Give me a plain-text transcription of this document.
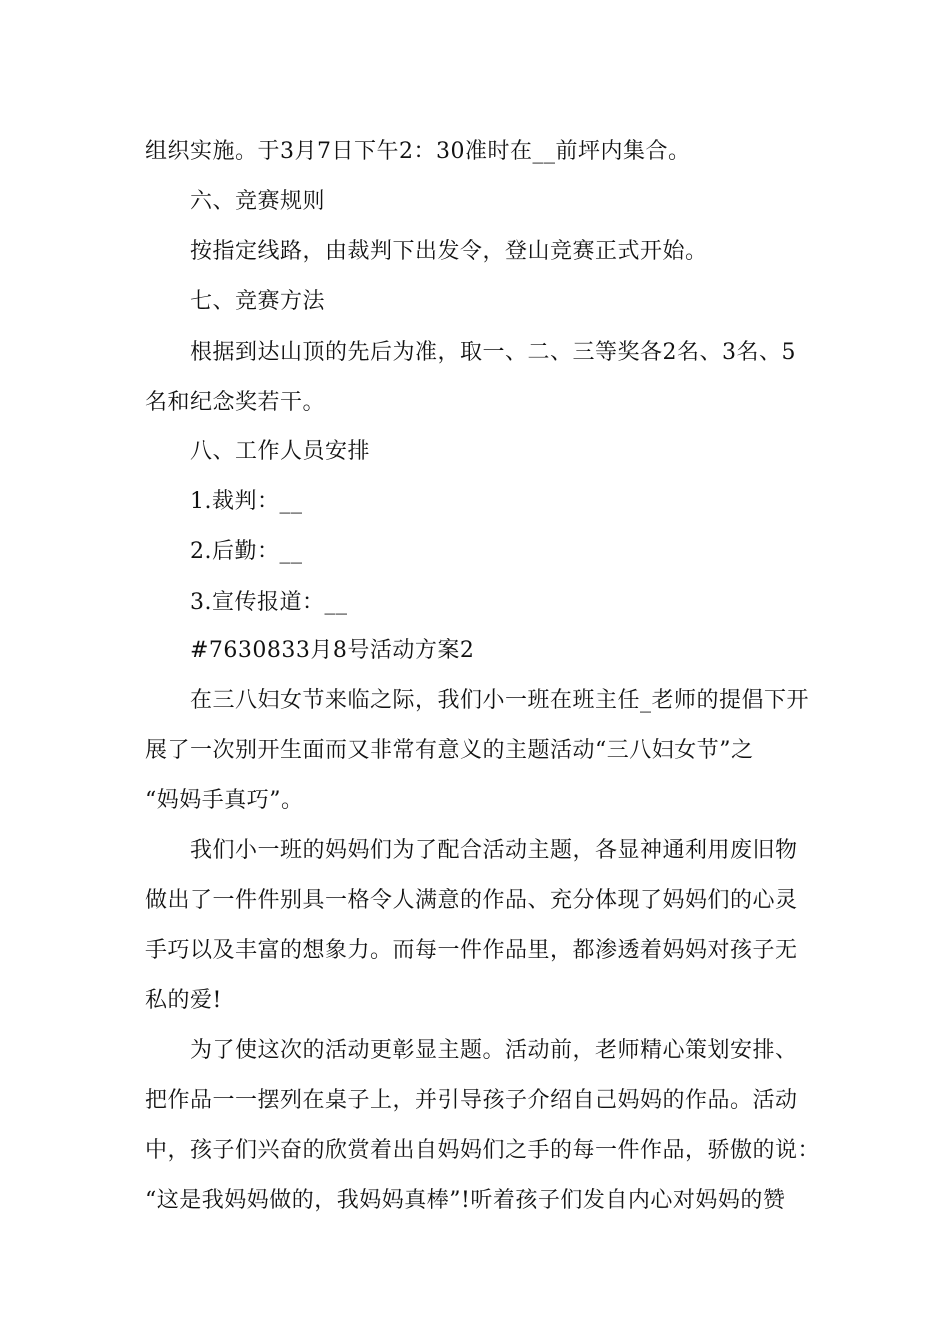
组织实施。于3月7日下午2：30准时在__前坪内集合。
六、竞赛规则
按指定线路，由裁判下出发令，登山竞赛正式开始。
七、竞赛方法
根据到达山顶的先后为准，取一、二、三等奖各2名、3名、5
名和纪念奖若干。
八、工作人员安排
1.裁判：__
2.后勤：__
3.宣传报道：__
#7630833月8号活动方案2
在三八妇女节来临之际，我们小一班在班主任_老师的提倡下开
展了一次别开生面而又非常有意义的主题活动“三八妇女节”之
“妈妈手真巧”。
我们小一班的妈妈们为了配合活动主题，各显神通利用废旧物
做出了一件件别具一格令人满意的作品、充分体现了妈妈们的心灵
手巧以及丰富的想象力。而每一件作品里，都渗透着妈妈对孩子无
私的爱!
为了使这次的活动更彰显主题。活动前，老师精心策划安排、
把作品一一摆列在桌子上，并引导孩子介绍自己妈妈的作品。活动
中，孩子们兴奋的欣赏着出自妈妈们之手的每一件作品，骄傲的说：
“这是我妈妈做的，我妈妈真棒”!听着孩子们发自内心对妈妈的赞
